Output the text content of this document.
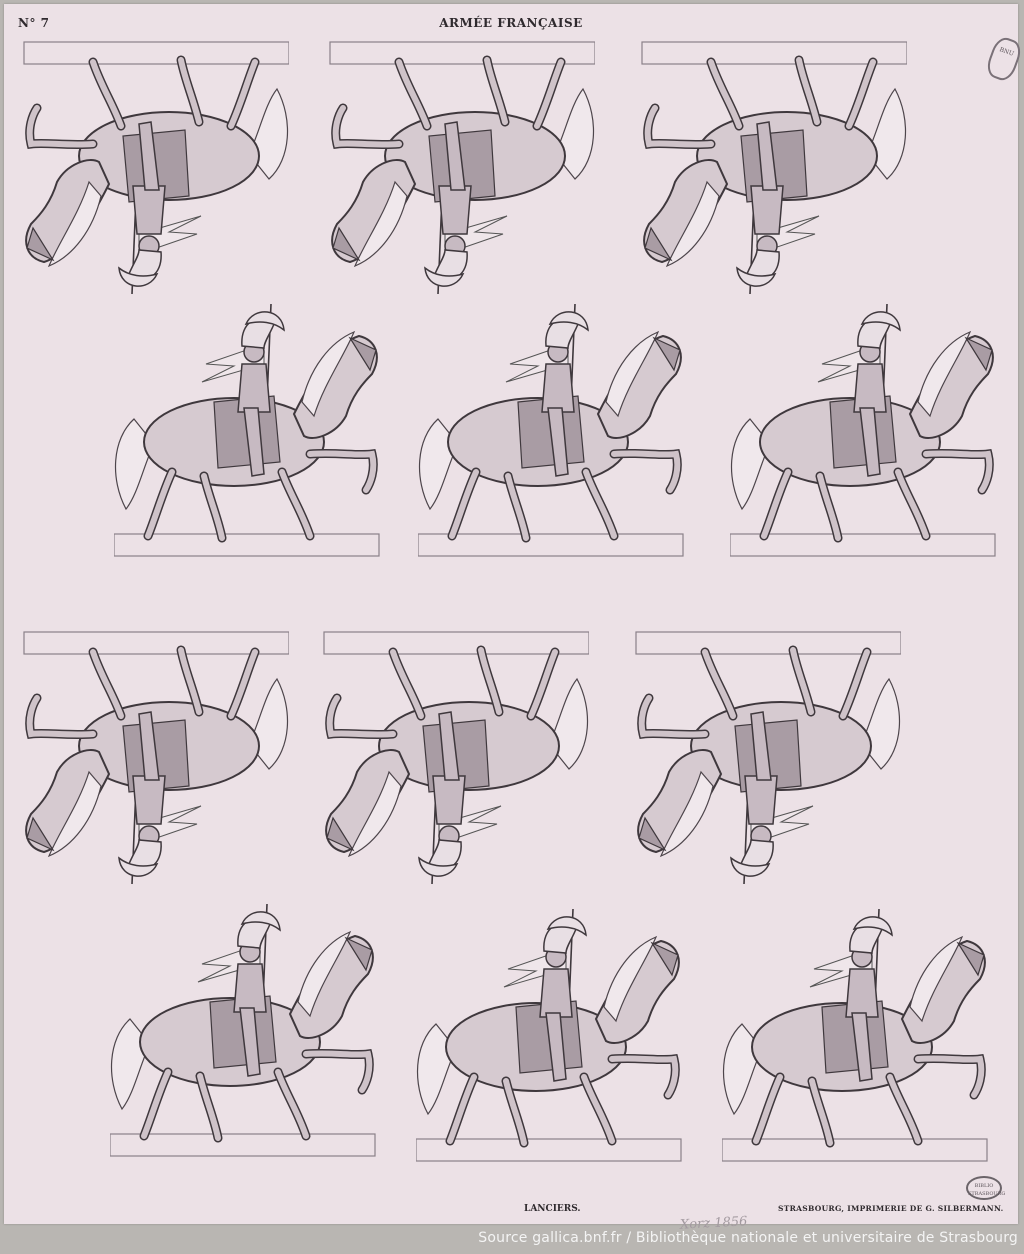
N° 7	ARMÉE FRANÇAISE
BNU
LANCIERS.	STRASBOURG, IMPRIMERIE DE G. SILBERMANN.
BIBLIO STRASBOURG
Xorz 1856
Source gallica.bnf.fr / Bibliothèque nationale et universitaire de Strasbourg
